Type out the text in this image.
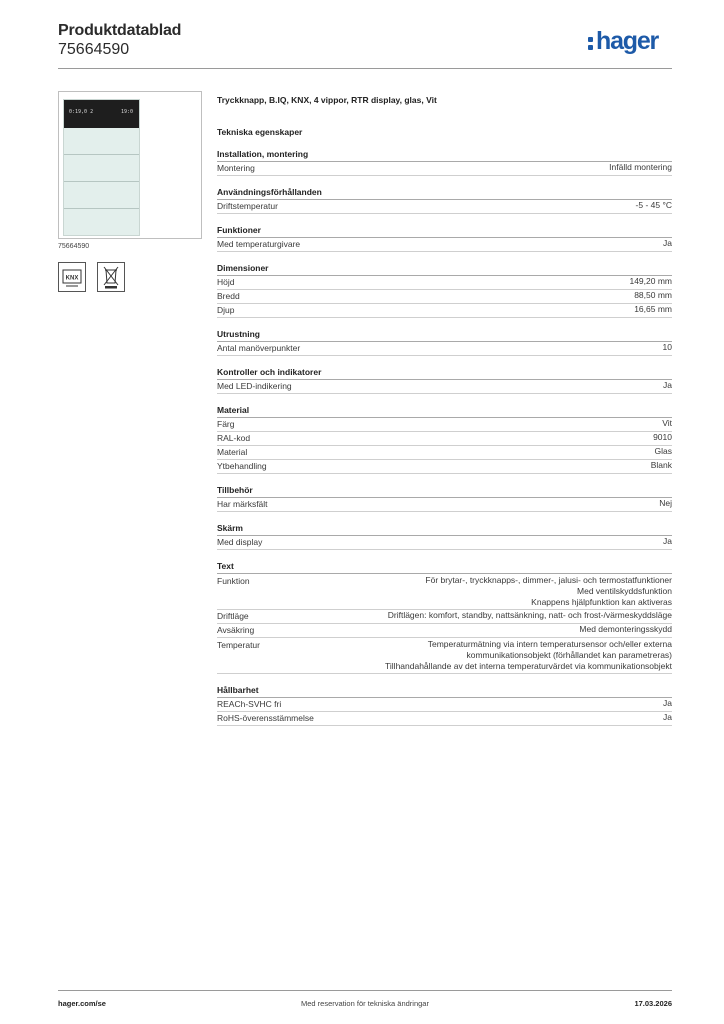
Produktdatablad
75664590	hager
0:19,0 2	19:0
75664590
KNX
Tryckknapp, B.IQ, KNX, 4 vippor, RTR display, glas, Vit
Tekniska egenskaper
Installation, montering
Montering	Infälld montering
Användningsförhållanden
Driftstemperatur	-5 - 45 °C
Funktioner
Med temperaturgivare	Ja
Dimensioner
Höjd	149,20 mm
Bredd	88,50 mm
Djup	16,65 mm
Utrustning
Antal manöverpunkter	10
Kontroller och indikatorer
Med LED-indikering	Ja
Material
Färg	Vit
RAL-kod	9010
Material	Glas
Ytbehandling	Blank
Tillbehör
Har märksfält	Nej
Skärm
Med display	Ja
Text
Funktion	För brytar-, tryckknapps-, dimmer-, jalusi- och termostatfunktioner
Med ventilskyddsfunktion
Knappens hjälpfunktion kan aktiveras
Driftläge	Driftlägen: komfort, standby, nattsänkning, natt- och frost-/värmeskyddsläge
Avsäkring	Med demonteringsskydd
Temperatur	Temperaturmätning via intern temperatursensor och/eller externa
kommunikationsobjekt (förhållandet kan parametreras)
Tillhandahållande av det interna temperaturvärdet via kommunikationsobjekt
Hållbarhet
REACh-SVHC fri	Ja
RoHS-överensstämmelse	Ja
hager.com/se	Med reservation för tekniska ändringar	17.03.2026
